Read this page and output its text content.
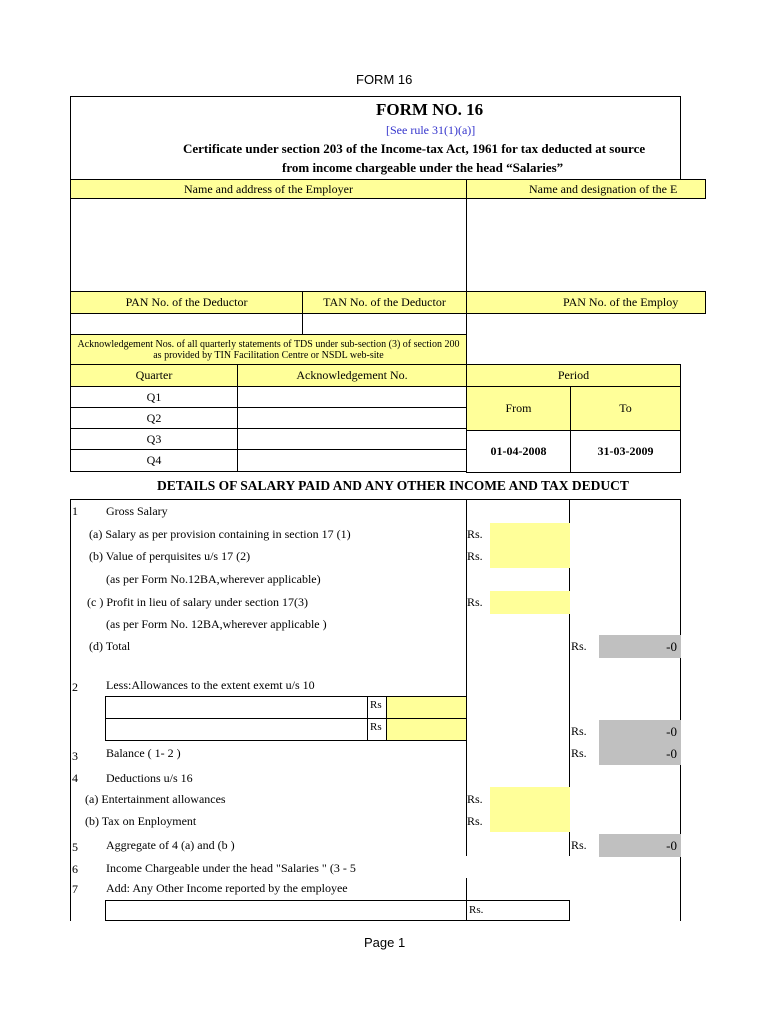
FORM 16
FORM NO. 16
[See rule 31(1)(a)]
Certificate under section 203 of the Income-tax Act, 1961 for tax deducted at source
from income chargeable under the head “Salaries”
Name and address of the Employer	Name and designation of the E
PAN No. of the Deductor	TAN No. of the Deductor	PAN No. of the Employ
Acknowledgement Nos. of all quarterly statements of TDS under sub-section (3) of section 200 as provided by TIN Facilitation Centre or NSDL web-site
Quarter	Acknowledgement No.	Period
From	To
01-04-2008	31-03-2009
Q1
Q2
Q3
Q4
DETAILS OF SALARY PAID AND ANY OTHER INCOME AND TAX DEDUCT
1 Gross Salary
(a) Salary as per provision containing in section 17 (1)	Rs.
(b) Value of perquisites u/s 17 (2)	Rs.
(as per Form No.12BA,wherever applicable)
(c ) Profit in lieu of salary under section 17(3)	Rs.
(as per Form No. 12BA,wherever applicable )
(d) Total	Rs.	-0
2 Less:Allowances to the extent exemt u/s 10
Rs
Rs	Rs.	-0
3 Balance ( 1- 2 )	Rs.	-0
4 Deductions u/s 16
(a) Entertainment allowances	Rs.
(b) Tax on Enployment	Rs.
5 Aggregate of 4 (a) and (b )	Rs.	-0
6 Income Chargeable under the head "Salaries " (3 - 5
7 Add: Any Other Income reported by the employee
Rs.
Page 1
